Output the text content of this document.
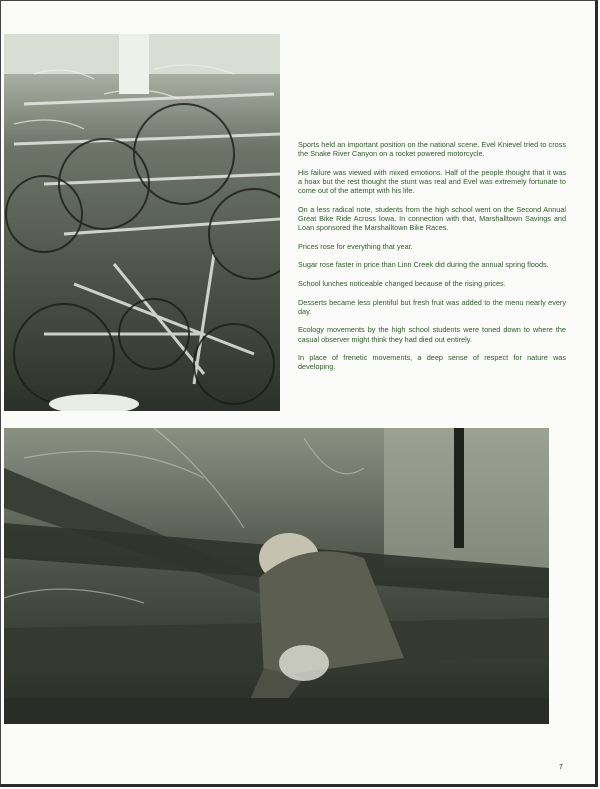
Sports held an important position on the national scene. Evel Knievel tried to cross the Snake River Canyon on a rocket powered motorcycle.

His failure was viewed with mixed emotions. Half of the people thought that it was a hoax but the rest thought the stunt was real and Evel was extremely fortunate to come out of the attempt with his life.

On a less radical note, students from the high school went on the Second Annual Great Bike Ride Across Iowa. In connection with that, Marshalltown Savings and Loan sponsored the Marshalltown Bike Races.

Prices rose for everything that year.

Sugar rose faster in price than Linn Creek did during the annual spring floods.

School lunches noticeable changed because of the rising prices.

Desserts became less plentiful but fresh fruit was added to the menu nearly every day.

Ecology movements by the high school students were toned down to where the casual observer might think they had died out entirely.

In place of frenetic movements, a deep sense of respect for nature was developing.

7
